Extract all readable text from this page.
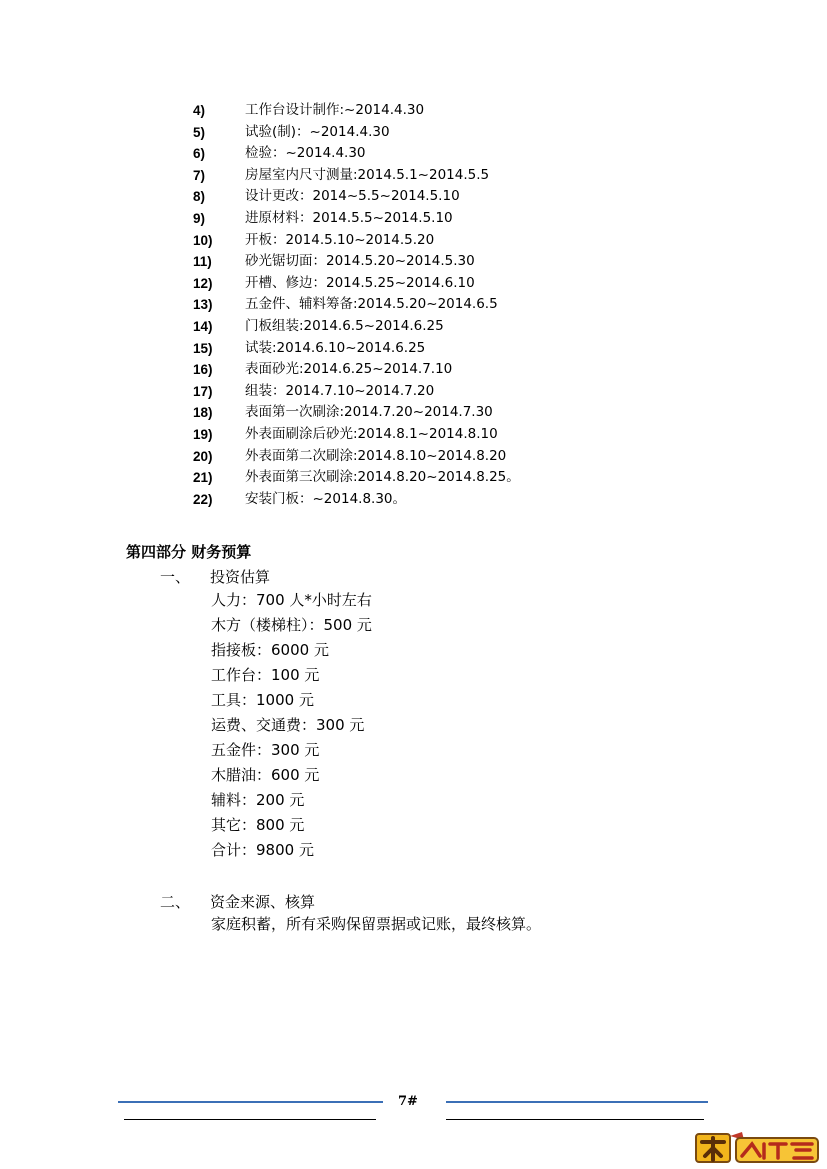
4)	工作台设计制作:~2014.4.30
5)	试验(制)：~2014.4.30
6)	检验：~2014.4.30
7)	房屋室内尺寸测量:2014.5.1~2014.5.5
8)	设计更改：2014~5.5~2014.5.10
9)	进原材料：2014.5.5~2014.5.10
10)	开板：2014.5.10~2014.5.20
11)	砂光锯切面：2014.5.20~2014.5.30
12)	开槽、修边：2014.5.25~2014.6.10
13)	五金件、辅料筹备:2014.5.20~2014.6.5
14)	门板组装:2014.6.5~2014.6.25
15)	试装:2014.6.10~2014.6.25
16)	表面砂光:2014.6.25~2014.7.10
17)	组装：2014.7.10~2014.7.20
18)	表面第一次刷涂:2014.7.20~2014.7.30
19)	外表面刷涂后砂光:2014.8.1~2014.8.10
20)	外表面第二次刷涂:2014.8.10~2014.8.20
21)	外表面第三次刷涂:2014.8.20~2014.8.25。
22)	安装门板：~2014.8.30。
第四部分 财务预算
一、 投资估算
人力：700 人*小时左右
木方（楼梯柱）：500 元
指接板：6000 元
工作台：100 元
工具：1000 元
运费、交通费：300 元
五金件：300 元
木腊油：600 元
辅料：200 元
其它：800 元
合计：9800 元
二、 资金来源、核算
家庭积蓄，所有采购保留票据或记账，最终核算。
7#
